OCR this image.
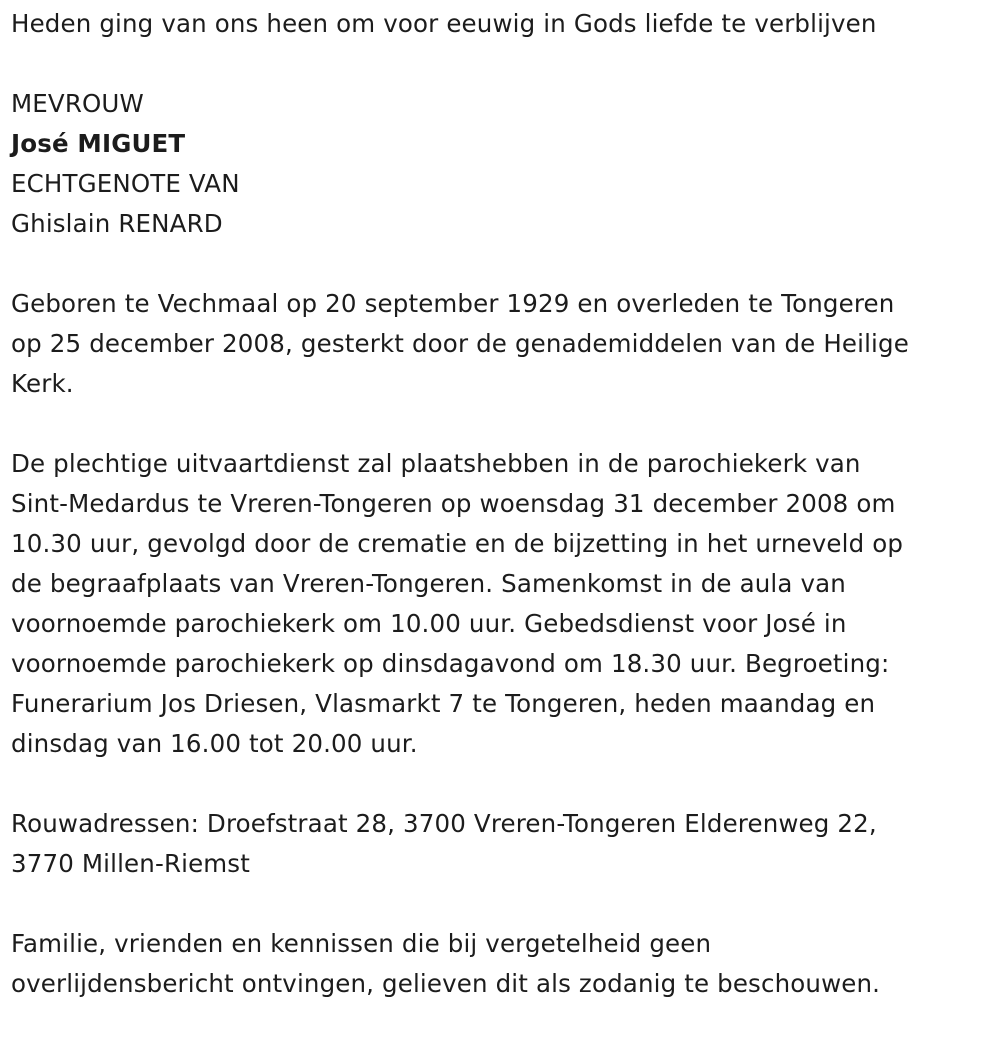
Heden ging van ons heen om voor eeuwig in Gods liefde te verblijven
MEVROUW
José MIGUET
ECHTGENOTE VAN
Ghislain RENARD
Geboren te Vechmaal op 20 september 1929 en overleden te Tongeren
op 25 december 2008, gesterkt door de genademiddelen van de Heilige
Kerk.
De plechtige uitvaartdienst zal plaatshebben in de parochiekerk van
Sint-Medardus te Vreren-Tongeren op woensdag 31 december 2008 om
10.30 uur, gevolgd door de crematie en de bijzetting in het urneveld op
de begraafplaats van Vreren-Tongeren. Samenkomst in de aula van
voornoemde parochiekerk om 10.00 uur. Gebedsdienst voor José in
voornoemde parochiekerk op dinsdagavond om 18.30 uur. Begroeting:
Funerarium Jos Driesen, Vlasmarkt 7 te Tongeren, heden maandag en
dinsdag van 16.00 tot 20.00 uur.
Rouwadressen: Droefstraat 28, 3700 Vreren-Tongeren Elderenweg 22,
3770 Millen-Riemst
Familie, vrienden en kennissen die bij vergetelheid geen
overlijdensbericht ontvingen, gelieven dit als zodanig te beschouwen.
